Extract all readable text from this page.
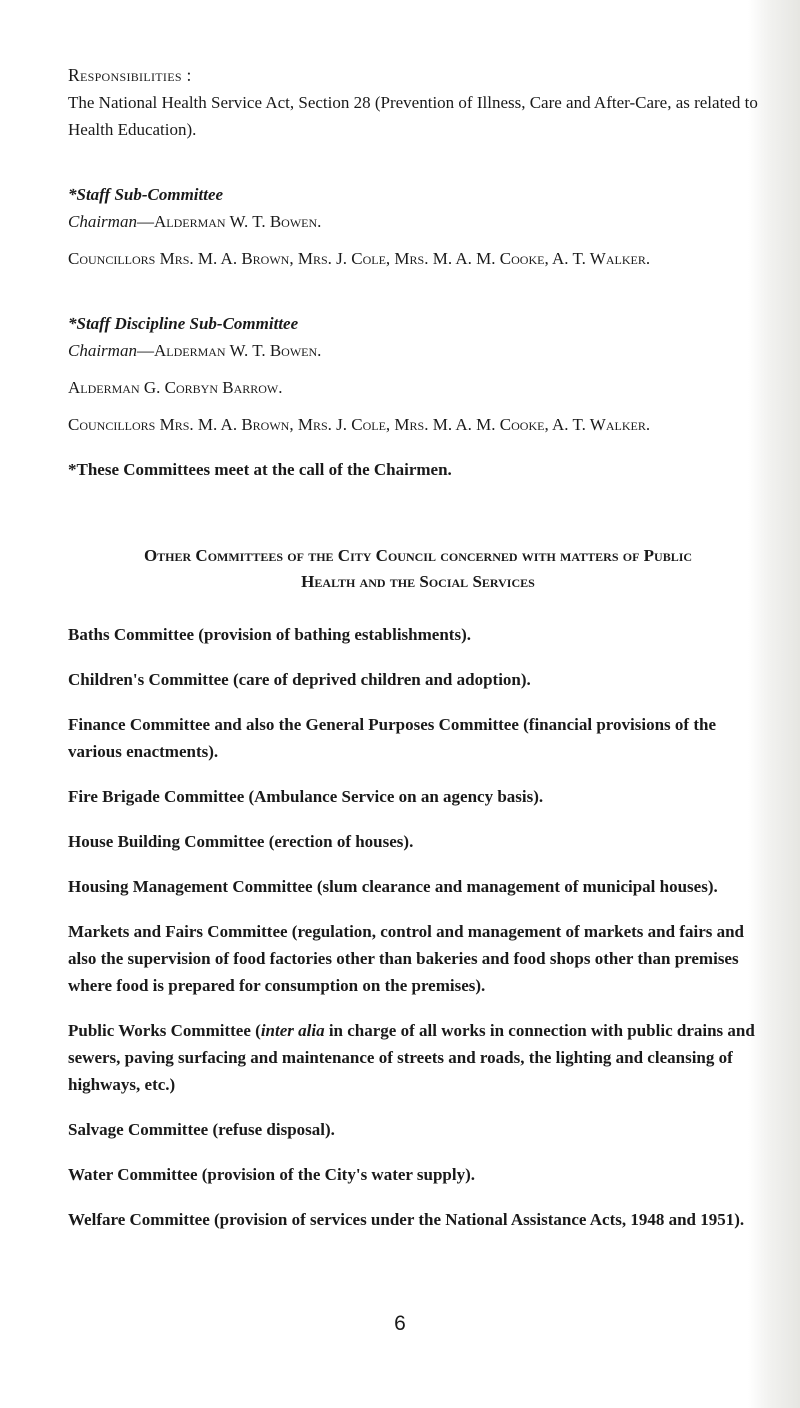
Responsibilities :

The National Health Service Act, Section 28 (Prevention of Illness, Care and After-Care, as related to Health Education).

*Staff Sub-Committee
Chairman—Alderman W. T. Bowen.
Councillors Mrs. M. A. Brown, Mrs. J. Cole, Mrs. M. A. M. Cooke, A. T. Walker.
*Staff Discipline Sub-Committee
Chairman—Alderman W. T. Bowen.
Alderman G. Corbyn Barrow.
Councillors Mrs. M. A. Brown, Mrs. J. Cole, Mrs. M. A. M. Cooke, A. T. Walker.
*These Committees meet at the call of the Chairmen.
Other Committees of the City Council concerned with matters of Public
Health and the Social Services
Baths Committee (provision of bathing establishments).
Children's Committee (care of deprived children and adoption).
Finance Committee and also the General Purposes Committee (financial provisions of the various enactments).
Fire Brigade Committee (Ambulance Service on an agency basis).
House Building Committee (erection of houses).
Housing Management Committee (slum clearance and management of municipal houses).
Markets and Fairs Committee (regulation, control and management of markets and fairs and also the supervision of food factories other than bakeries and food shops other than premises where food is prepared for consumption on the premises).
Public Works Committee (inter alia in charge of all works in connection with public drains and sewers, paving surfacing and maintenance of streets and roads, the lighting and cleansing of highways, etc.)
Salvage Committee (refuse disposal).
Water Committee (provision of the City's water supply).
Welfare Committee (provision of services under the National Assistance Acts, 1948 and 1951).
6
